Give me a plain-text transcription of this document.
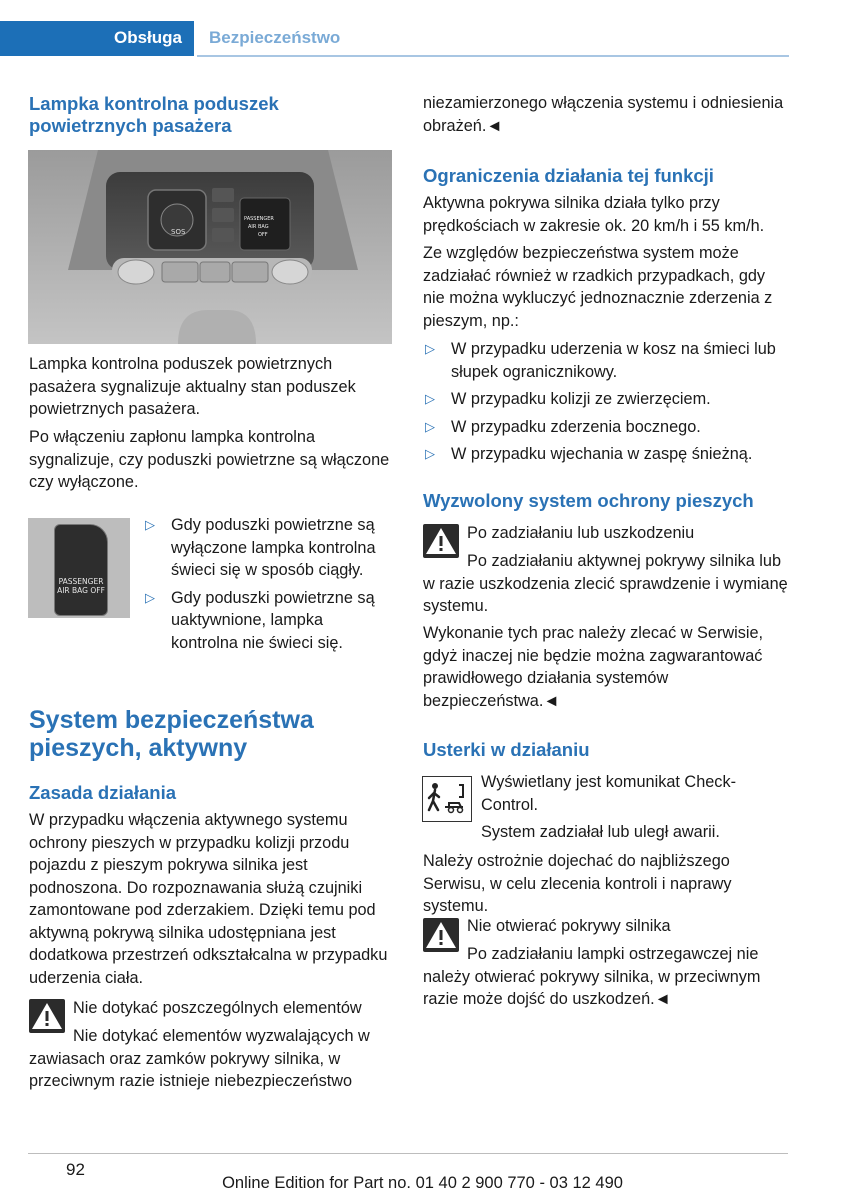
Obsługa Bezpieczeństwo
Lampka kontrolna poduszek powietrznych pasażera
SOS
PASSENGER
AIR BAG
OFF

Lampka kontrolna poduszek powietrznych pasażera sygnalizuje aktualny stan poduszek powietrznych pasażera.

Po włączeniu zapłonu lampka kontrolna sygnalizuje, czy poduszki powietrzne są włączone czy wyłączone.

PASSENGER AIR BAG OFF
▷ Gdy poduszki powietrzne są wyłączone lampka kontrolna świeci się w sposób ciągły.
▷ Gdy poduszki powietrzne są uaktywnione, lampka kontrolna nie świeci się.
System bezpieczeństwa pieszych, aktywny
Zasada działania

W przypadku włączenia aktywnego systemu ochrony pieszych w przypadku kolizji przodu pojazdu z pieszym pokrywa silnika jest podnoszona. Do rozpoznawania służą czujniki zamontowane pod zderzakiem. Dzięki temu pod aktywną pokrywą silnika udostępniana jest dodatkowa przestrzeń odkształcalna w przypadku uderzenia ciała.

Nie dotykać poszczególnych elementów

Nie dotykać elementów wyzwalających w zawiasach oraz zamków pokrywy silnika, w przeciwnym razie istnieje niebezpieczeństwo

niezamierzonego włączenia systemu i odniesienia obrażeń.◄

Ograniczenia działania tej funkcji

Aktywna pokrywa silnika działa tylko przy prędkościach w zakresie ok. 20 km/h i 55 km/h.

Ze względów bezpieczeństwa system może zadziałać również w rzadkich przypadkach, gdy nie można wykluczyć jednoznacznie zderzenia z pieszym, np.:

▷ W przypadku uderzenia w kosz na śmieci lub słupek ogranicznikowy.
▷ W przypadku kolizji ze zwierzęciem.
▷ W przypadku zderzenia bocznego.
▷ W przypadku wjechania w zaspę śnieżną.
Wyzwolony system ochrony pieszych

Po zadziałaniu lub uszkodzeniu

Po zadziałaniu aktywnej pokrywy silnika lub w razie uszkodzenia zlecić sprawdzenie i wymianę systemu.

Wykonanie tych prac należy zlecać w Serwisie, gdyż inaczej nie będzie można zagwarantować prawidłowego działania systemów bezpieczeństwa.◄

Usterki w działaniu

Wyświetlany jest komunikat Check-Control.

System zadziałał lub uległ awarii.

Należy ostrożnie dojechać do najbliższego Serwisu, w celu zlecenia kontroli i naprawy systemu.

Nie otwierać pokrywy silnika

Po zadziałaniu lampki ostrzegawczej nie należy otwierać pokrywy silnika, w przeciwnym razie może dojść do uszkodzeń.◄

92
Online Edition for Part no. 01 40 2 900 770 - 03 12 490
